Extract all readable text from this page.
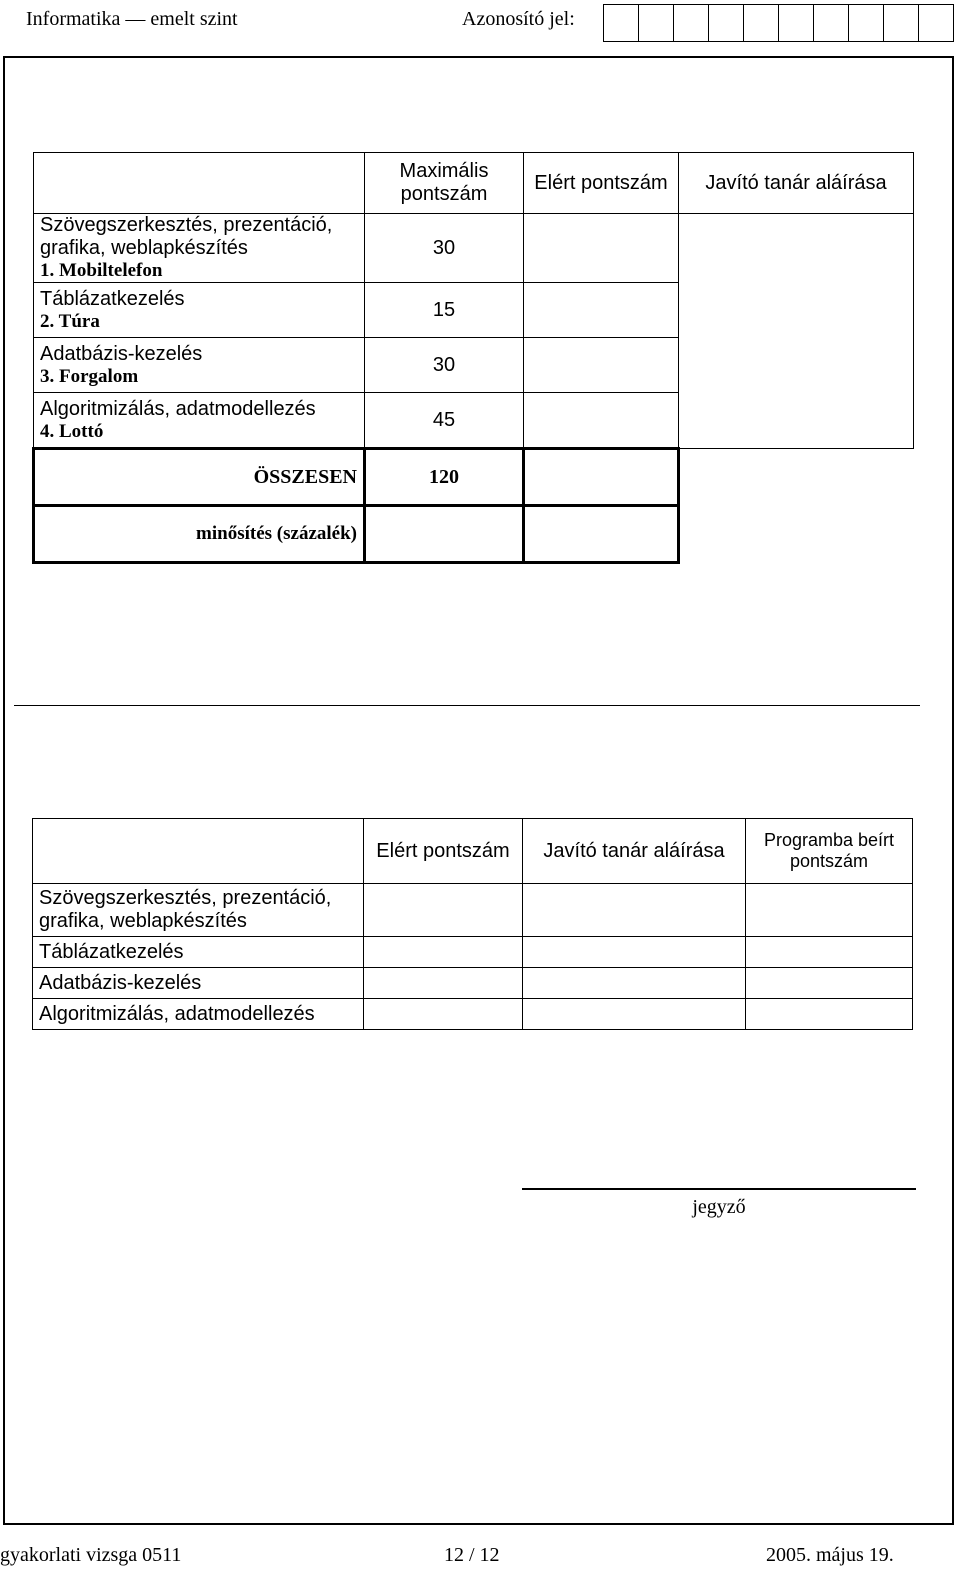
Informatika — emelt szint	Azonosító jel:
	Maximális pontszám	Elért pontszám	Javító tanár aláírása

Szövegszerkesztés, prezentáció, grafika, weblapkészítés
1. Mobiltelefon	30		

Táblázatkezelés
2. Túra	15		

Adatbázis-kezelés
3. Forgalom	30		

Algoritmizálás, adatmodellezés
4. Lottó	45		
ÖSSZESEN	120		
minősítés (százalék)			
	Elért pontszám	Javító tanár aláírása	Programba beírt pontszám
Szövegszerkesztés, prezentáció, grafika, weblapkészítés			
Táblázatkezelés			
Adatbázis-kezelés			
Algoritmizálás, adatmodellezés			
jegyző
gyakorlati vizsga 0511	12 / 12	2005. május 19.
